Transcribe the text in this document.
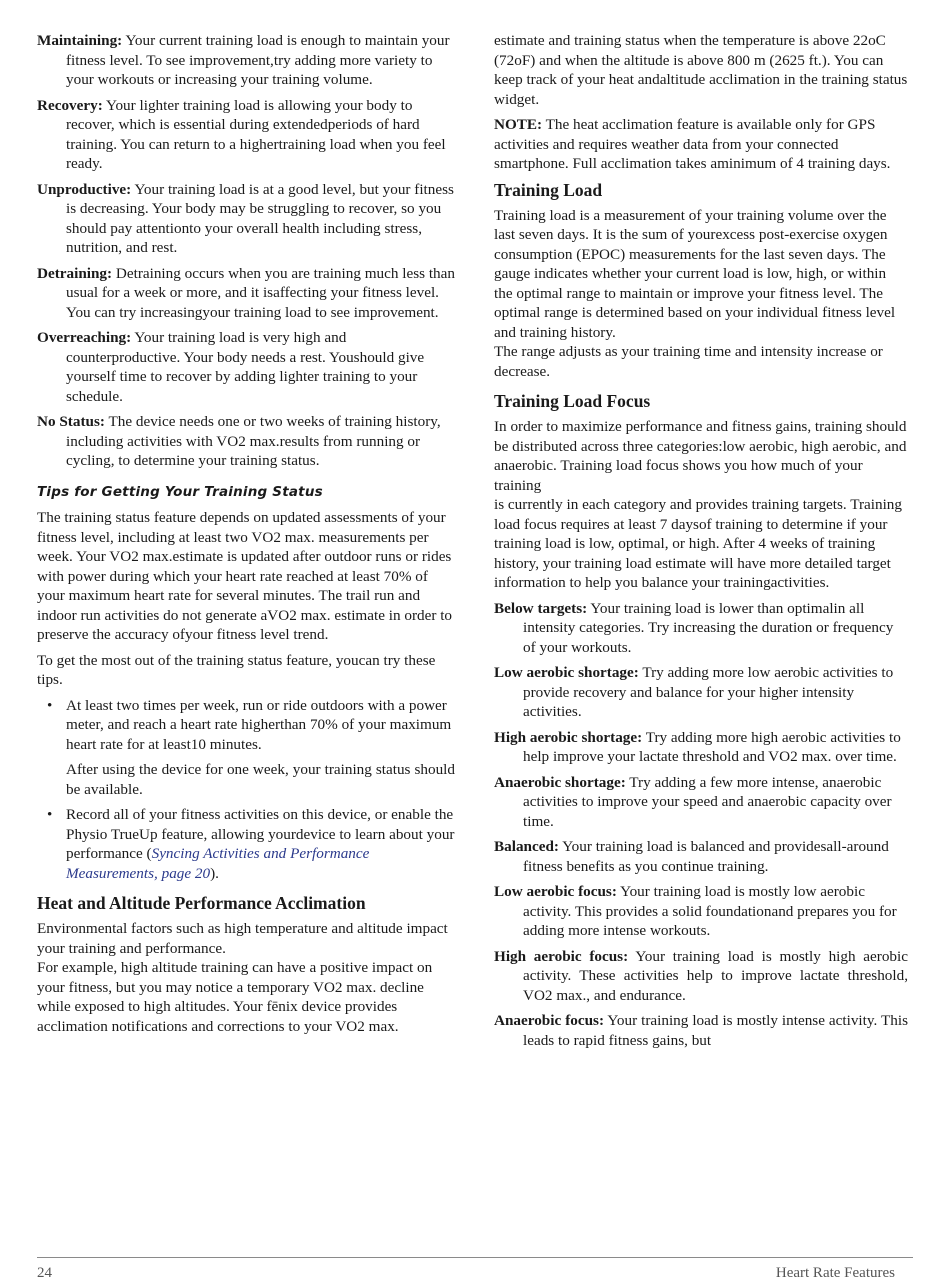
Maintaining: Your current training load is enough to maintain your fitness level. To see improvement,try adding more variety to your workouts or increasing your training volume.

Recovery: Your lighter training load is allowing your body to recover, which is essential during extendedperiods of hard training. You can return to a highertraining load when you feel ready.

Unproductive: Your training load is at a good level, but your fitness is decreasing. Your body may be struggling to recover, so you should pay attentionto your overall health including stress, nutrition, and rest.

Detraining: Detraining occurs when you are training much less than usual for a week or more, and it isaffecting your fitness level. You can try increasingyour training load to see improvement.

Overreaching: Your training load is very high and counterproductive. Your body needs a rest. Youshould give yourself time to recover by adding lighter training to your schedule.

No Status: The device needs one or two weeks of training history, including activities with VO2 max.results from running or cycling, to determine your training status.

Tips for Getting Your Training Status

The training status feature depends on updated assessments of your fitness level, including at least two VO2 max. measurements per week. Your VO2 max.estimate is updated after outdoor runs or rides with power during which your heart rate reached at least 70% of your maximum heart rate for several minutes. The trail run and indoor run activities do not generate aVO2 max. estimate in order to preserve the accuracy ofyour fitness level trend.

To get the most out of the training status feature, youcan try these tips.

• At least two times per week, run or ride outdoors with a power meter, and reach a heart rate higherthan 70% of your maximum heart rate for at least10 minutes.
After using the device for one week, your training status should be available.
• Record all of your fitness activities on this device, or enable the Physio TrueUp feature, allowing yourdevice to learn about your performance (Syncing Activities and Performance Measurements, page 20).
Heat and Altitude Performance Acclimation

Environmental factors such as high temperature and altitude impact your training and performance.

For example, high altitude training can have a positive impact on your fitness, but you may notice a temporary VO2 max. decline while exposed to high altitudes. Your fēnix device provides acclimation notifications and corrections to your VO2 max.

estimate and training status when the temperature is above 22oC (72oF) and when the altitude is above 800 m (2625 ft.). You can keep track of your heat andaltitude acclimation in the training status widget.

NOTE: The heat acclimation feature is available only for GPS activities and requires weather data from your connected smartphone. Full acclimation takes aminimum of 4 training days.

Training Load

Training load is a measurement of your training volume over the last seven days. It is the sum of yourexcess post-exercise oxygen consumption (EPOC) measurements for the last seven days. The gauge indicates whether your current load is low, high, or within the optimal range to maintain or improve your fitness level. The optimal range is determined based on your individual fitness level and training history.

The range adjusts as your training time and intensity increase or decrease.

Training Load Focus

In order to maximize performance and fitness gains, training should be distributed across three categories:low aerobic, high aerobic, and anaerobic. Training load focus shows you how much of your training

is currently in each category and provides training targets. Training load focus requires at least 7 daysof training to determine if your training load is low, optimal, or high. After 4 weeks of training history, your training load estimate will have more detailed target information to help you balance your trainingactivities.

Below targets: Your training load is lower than optimalin all intensity categories. Try increasing the duration or frequency of your workouts.

Low aerobic shortage: Try adding more low aerobic activities to provide recovery and balance for your higher intensity activities.

High aerobic shortage: Try adding more high aerobic activities to help improve your lactate threshold and VO2 max. over time.

Anaerobic shortage: Try adding a few more intense, anaerobic activities to improve your speed and anaerobic capacity over time.

Balanced: Your training load is balanced and providesall-around fitness benefits as you continue training.

Low aerobic focus: Your training load is mostly low aerobic activity. This provides a solid foundationand prepares you for adding more intense workouts.

High aerobic focus: Your training load is mostly high aerobic activity. These activities help to improve lactate threshold, VO2 max., and endurance.

Anaerobic focus: Your training load is mostly intense activity. This leads to rapid fitness gains, but

24	Heart Rate Features
